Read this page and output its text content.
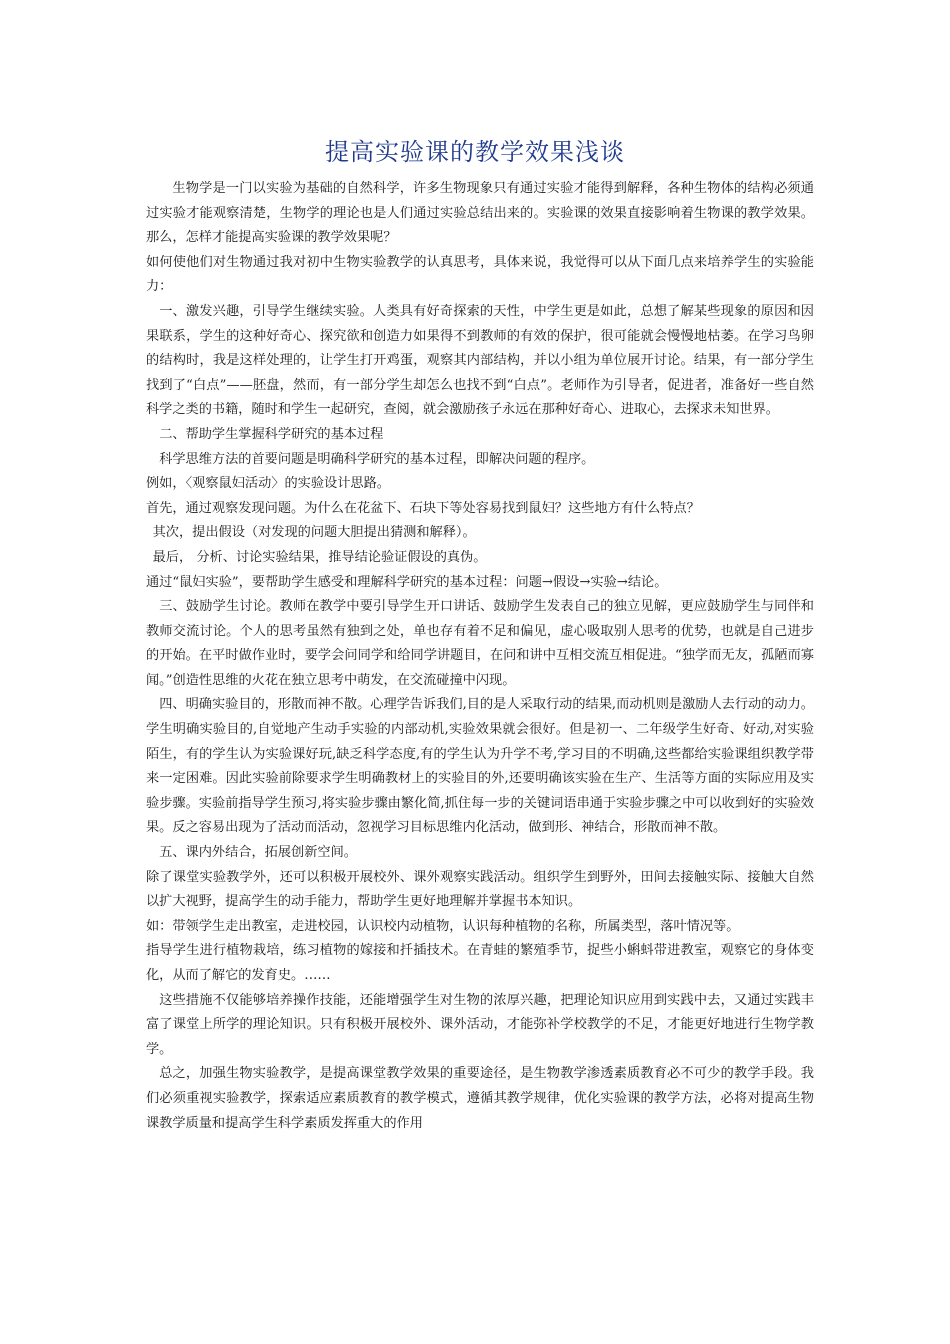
提高实验课的教学效果浅谈

生物学是一门以实验为基础的自然科学，许多生物现象只有通过实验才能得到解释，各种生物体的结构必须通过实验才能观察清楚，生物学的理论也是人们通过实验总结出来的。实验课的效果直接影响着生物课的教学效果。那么，怎样才能提高实验课的教学效果呢？

如何使他们对生物通过我对初中生物实验教学的认真思考，具体来说，我觉得可以从下面几点来培养学生的实验能力：

一、激发兴趣，引导学生继续实验。人类具有好奇探索的天性，中学生更是如此，总想了解某些现象的原因和因果联系，学生的这种好奇心、探究欲和创造力如果得不到教师的有效的保护，很可能就会慢慢地枯萎。在学习鸟卵的结构时，我是这样处理的，让学生打开鸡蛋，观察其内部结构，并以小组为单位展开讨论。结果，有一部分学生找到了“白点”——胚盘，然而，有一部分学生却怎么也找不到“白点”。老师作为引导者，促进者，准备好一些自然科学之类的书籍，随时和学生一起研究，查阅，就会激励孩子永远在那种好奇心、进取心，去探求未知世界。

二、帮助学生掌握科学研究的基本过程

科学思维方法的首要问题是明确科学研究的基本过程，即解决问题的程序。

例如，〈观察鼠妇活动〉的实验设计思路。

首先，通过观察发现问题。为什么在花盆下、石块下等处容易找到鼠妇？这些地方有什么特点？

其次，提出假设（对发现的问题大胆提出猜测和解释）。

最后， 分析、讨论实验结果，推导结论验证假设的真伪。

通过“鼠妇实验”，要帮助学生感受和理解科学研究的基本过程：问题→假设→实验→结论。

三、鼓励学生讨论。教师在教学中要引导学生开口讲话、鼓励学生发表自己的独立见解，更应鼓励学生与同伴和教师交流讨论。个人的思考虽然有独到之处，单也存有着不足和偏见，虚心吸取别人思考的优势，也就是自己进步的开始。在平时做作业时，要学会问同学和给同学讲题目，在问和讲中互相交流互相促进。“独学而无友，孤陋而寡闻。”创造性思维的火花在独立思考中萌发，在交流碰撞中闪现。

四、明确实验目的，形散而神不散。心理学告诉我们,目的是人采取行动的结果,而动机则是激励人去行动的动力。学生明确实验目的,自觉地产生动手实验的内部动机,实验效果就会很好。但是初一、二年级学生好奇、好动,对实验陌生，有的学生认为实验课好玩,缺乏科学态度,有的学生认为升学不考,学习目的不明确,这些都给实验课组织教学带来一定困难。因此实验前除要求学生明确教材上的实验目的外,还要明确该实验在生产、生活等方面的实际应用及实验步骤。实验前指导学生预习,将实验步骤由繁化简,抓住每一步的关键词语串通于实验步骤之中可以收到好的实验效果。反之容易出现为了活动而活动，忽视学习目标思维内化活动，做到形、神结合，形散而神不散。

五、课内外结合，拓展创新空间。

除了课堂实验教学外，还可以积极开展校外、课外观察实践活动。组织学生到野外，田间去接触实际、接触大自然以扩大视野，提高学生的动手能力，帮助学生更好地理解并掌握书本知识。

如：带领学生走出教室，走进校园，认识校内动植物，认识每种植物的名称，所属类型，落叶情况等。

指导学生进行植物栽培，练习植物的嫁接和扦插技术。在青蛙的繁殖季节，捉些小蝌蚪带进教室，观察它的身体变化，从而了解它的发育史。……

这些措施不仅能够培养操作技能，还能增强学生对生物的浓厚兴趣，把理论知识应用到实践中去，又通过实践丰富了课堂上所学的理论知识。只有积极开展校外、课外活动，才能弥补学校教学的不足，才能更好地进行生物学教学。

总之，加强生物实验教学，是提高课堂教学效果的重要途径，是生物教学渗透素质教育必不可少的教学手段。我们必须重视实验教学，探索适应素质教育的教学模式，遵循其教学规律，优化实验课的教学方法，必将对提高生物课教学质量和提高学生科学素质发挥重大的作用
